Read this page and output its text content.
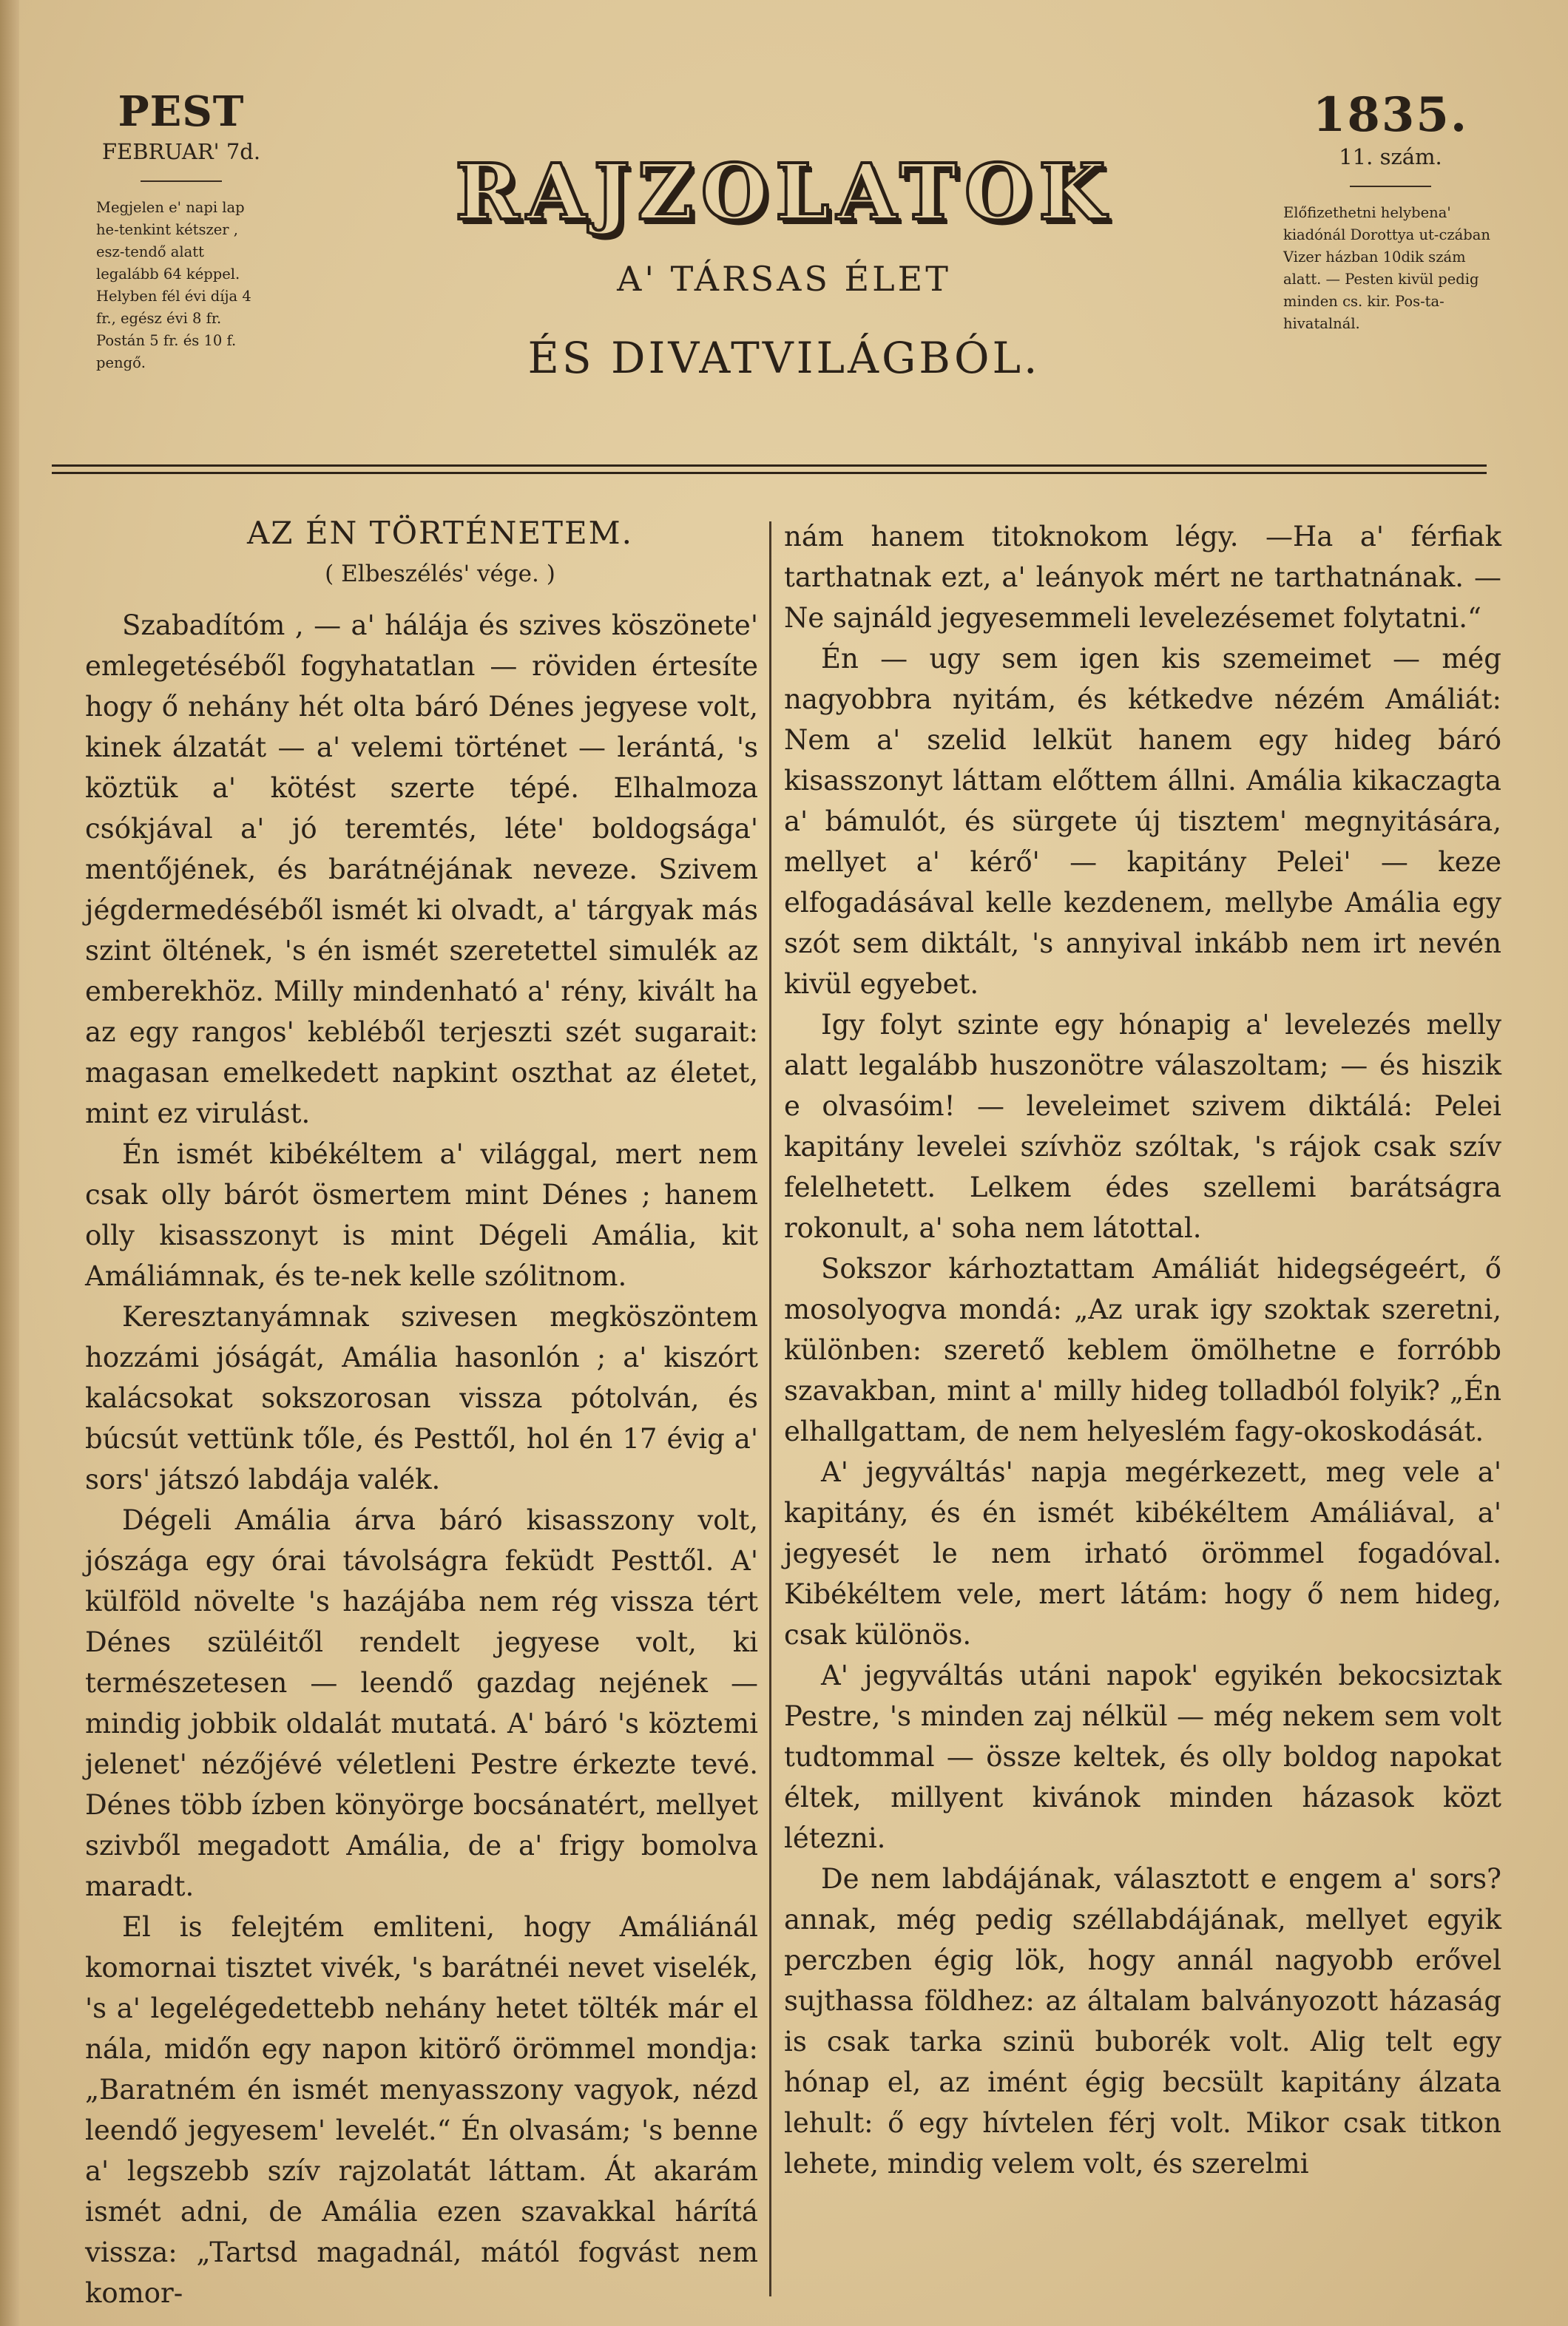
PEST
FEBRUAR' 7d.
Megjelen e' napi lap he-tenkint kétszer , esz-tendő alatt legalább 64 képpel. Helyben fél évi díja 4 fr., egész évi 8 fr. Postán 5 fr. és 10 f. pengő.
RAJZOLATOK
A' TÁRSAS ÉLET
ÉS DIVATVILÁGBÓL.
1835.
11. szám.
Előfizethetni helybena' kiadónál Dorottya ut-czában Vizer házban 10dik szám alatt. — Pesten kivül pedig minden cs. kir. Pos-ta-hivatalnál.

AZ ÉN TÖRTÉNETEM.

( Elbeszélés' vége. )

Szabadítóm , — a' hálája és szives köszönete' emlegetéséből fogyhatatlan — röviden értesíte hogy ő nehány hét olta báró Dénes jegyese volt, kinek álzatát — a' velemi történet — lerántá, 's köztük a' kötést szerte tépé. Elhalmoza csókjával a' jó teremtés, léte' boldogsága' mentőjének, és barátnéjának neveze. Szivem jégdermedéséből ismét ki olvadt, a' tárgyak más szint öltének, 's én ismét szeretettel simulék az emberekhöz. Milly mindenható a' rény, kivált ha az egy rangos' kebléből terjeszti szét sugarait: magasan emelkedett napkint oszthat az életet, mint ez virulást.

Én ismét kibékéltem a' világgal, mert nem csak olly bárót ösmertem mint Dénes ; hanem olly kisasszonyt is mint Dégeli Amália, kit Amáliámnak, és te-nek kelle szólitnom.

Keresztanyámnak szivesen megköszöntem hozzámi jóságát, Amália hasonlón ; a' kiszórt kalácsokat sokszorosan vissza pótolván, és búcsút vettünk tőle, és Pesttől, hol én 17 évig a' sors' játszó labdája valék.

Dégeli Amália árva báró kisasszony volt, jószága egy órai távolságra feküdt Pesttől. A' külföld növelte 's hazájába nem rég vissza tért Dénes szüléitől rendelt jegyese volt, ki természetesen — leendő gazdag nejének — mindig jobbik oldalát mutatá. A' báró 's köztemi jelenet' nézőjévé véletleni Pestre érkezte tevé. Dénes több ízben könyörge bocsánatért, mellyet szivből megadott Amália, de a' frigy bomolva maradt.

El is felejtém emliteni, hogy Amáliánál komornai tisztet vivék, 's barátnéi nevet viselék, 's a' legelégedettebb nehány hetet tölték már el nála, midőn egy napon kitörő örömmel mondja: „Baratném én ismét menyasszony vagyok, nézd leendő jegyesem' levelét.“ Én olvasám; 's benne a' legszebb szív rajzolatát láttam. Át akarám ismét adni, de Amália ezen szavakkal hárítá vissza: „Tartsd magadnál, mától fogvást nem komor-

nám hanem titoknokom légy. —Ha a' férfiak tarthatnak ezt, a' leányok mért ne tarthatnának. — Ne sajnáld jegyesemmeli levelezésemet folytatni.“

Én — ugy sem igen kis szemeimet — még nagyobbra nyitám, és kétkedve nézém Amáliát: Nem a' szelid lelküt hanem egy hideg báró kisasszonyt láttam előttem állni. Amália kikaczagta a' bámulót, és sürgete új tisztem' megnyitására, mellyet a' kérő' — kapitány Pelei' — keze elfogadásával kelle kezdenem, mellybe Amália egy szót sem diktált, 's annyival inkább nem irt nevén kivül egyebet.

Igy folyt szinte egy hónapig a' levelezés melly alatt legalább huszonötre válaszoltam; — és hiszik e olvasóim! — leveleimet szivem diktálá: Pelei kapitány levelei szívhöz szóltak, 's rájok csak szív felelhetett. Lelkem édes szellemi barátságra rokonult, a' soha nem látottal.

Sokszor kárhoztattam Amáliát hidegségeért, ő mosolyogva mondá: „Az urak igy szoktak szeretni, különben: szerető keblem ömölhetne e forróbb szavakban, mint a' milly hideg tolladból folyik? „Én elhallgattam, de nem helyeslém fagy-okoskodását.

A' jegyváltás' napja megérkezett, meg vele a' kapitány, és én ismét kibékéltem Amáliával, a' jegyesét le nem irható örömmel fogadóval. Kibékéltem vele, mert látám: hogy ő nem hideg, csak különös.

A' jegyváltás utáni napok' egyikén bekocsiztak Pestre, 's minden zaj nélkül — még nekem sem volt tudtommal — össze keltek, és olly boldog napokat éltek, millyent kivánok minden házasok közt létezni.

De nem labdájának, választott e engem a' sors? annak, még pedig széllabdájának, mellyet egyik perczben égig lök, hogy annál nagyobb erővel sujthassa földhez: az általam balványozott házaság is csak tarka szinü buborék volt. Alig telt egy hónap el, az imént égig becsült kapitány álzata lehult: ő egy hívtelen férj volt. Mikor csak titkon lehete, mindig velem volt, és szerelmi
